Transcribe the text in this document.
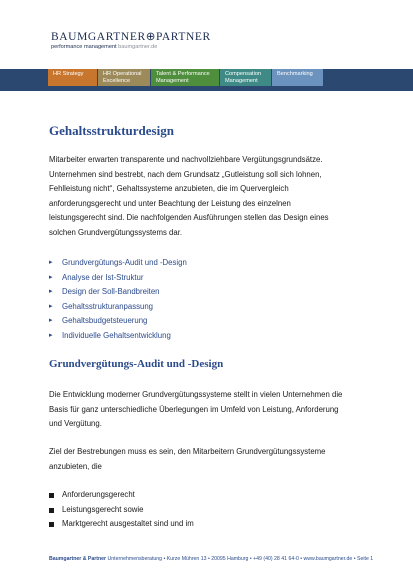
BAUMGARTNER⊕PARTNER
performance management baumgartner.de
HR Strategy	HR Operational Excellence
Talent & Performance Management
Compensation Management
Benchmarking
Gehaltsstrukturdesign
Mitarbeiter erwarten transparente und nachvollziehbare Vergütungsgrundsätze.
Unternehmen sind bestrebt, nach dem Grundsatz „Gutleistung soll sich lohnen,
Fehlleistung nicht“, Gehaltssysteme anzubieten, die im Quervergleich
anforderungsgerecht und unter Beachtung der Leistung des einzelnen
leistungsgerecht sind. Die nachfolgenden Ausführungen stellen das Design eines
solchen Grundvergütungssystems dar.
▸ Grundvergütungs-Audit und -Design
▸ Analyse der Ist-Struktur
▸ Design der Soll-Bandbreiten
▸ Gehaltsstrukturanpassung
▸ Gehaltsbudgetsteuerung
▸ Individuelle Gehaltsentwicklung
Grundvergütungs-Audit und -Design
Die Entwicklung moderner Grundvergütungssysteme stellt in vielen Unternehmen die
Basis für ganz unterschiedliche Überlegungen im Umfeld von Leistung, Anforderung
und Vergütung.
Ziel der Bestrebungen muss es sein, den Mitarbeitern Grundvergütungssysteme
anzubieten, die
Anforderungsgerecht
Leistungsgerecht sowie
Marktgerecht ausgestaltet sind und im
Baumgartner & Partner Unternehmensberatung • Kurze Mühren 13 • 20095 Hamburg • +49 (40) 28 41 64-0 • www.baumgartner.de • Seite 1
